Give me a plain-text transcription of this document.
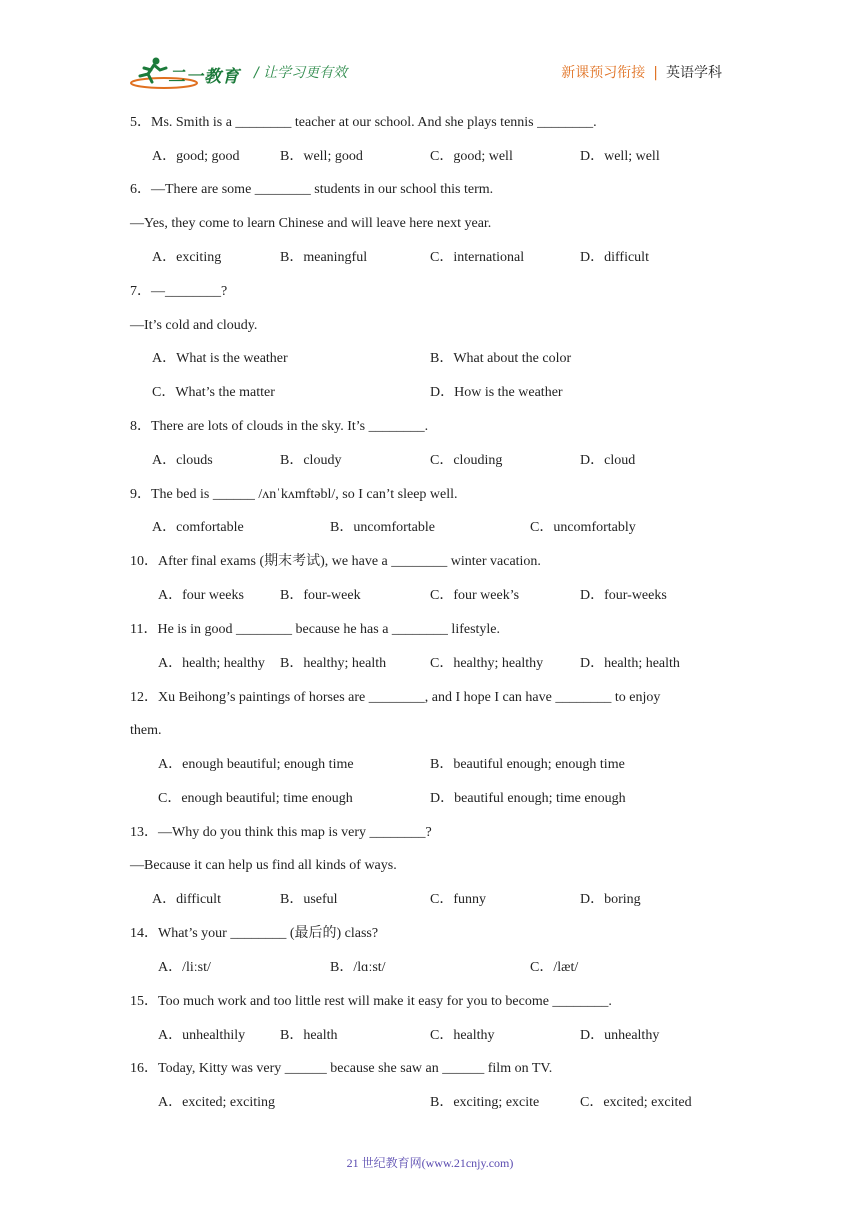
二一教育 / 让学习更有效	新课预习衔接 | 英语学科
5．Ms. Smith is a ________ teacher at our school. And she plays tennis ________.
A．good; good	B．well; good	C．good; well	D．well; well
6．—There are some ________ students in our school this term.
—Yes, they come to learn Chinese and will leave here next year.
A．exciting	B．meaningful	C．international	D．difficult
7．—________?
—It’s cold and cloudy.
A．What is the weather	B．What about the color
C．What’s the matter	D．How is the weather
8．There are lots of clouds in the sky. It’s ________.
A．clouds	B．cloudy	C．clouding	D．cloud
9．The bed is ______ /ʌnˈkʌmftəbl/, so I can’t sleep well.
A．comfortable	B．uncomfortable	C．uncomfortably
10．After final exams (期末考试), we have a ________ winter vacation.
A．four weeks	B．four-week	C．four week’s	D．four-weeks
11．He is in good ________ because he has a ________ lifestyle.
A．health; healthy B．healthy; health	C．healthy; healthy	D．health; health
12．Xu Beihong’s paintings of horses are ________, and I hope I can have ________ to enjoy
them.
A．enough beautiful; enough time	B．beautiful enough; enough time
C．enough beautiful; time enough	D．beautiful enough; time enough
13．—Why do you think this map is very ________?
—Because it can help us find all kinds of ways.
A．difficult	B．useful	C．funny	D．boring
14．What’s your ________ (最后的) class?
A．/liːst/	B．/lɑːst/	C．/læt/
15．Too much work and too little rest will make it easy for you to become ________.
A．unhealthily B．health	C．healthy	D．unhealthy
16．Today, Kitty was very ______ because she saw an ______ film on TV.
A．excited; exciting	B．exciting; excite	C．excited; excited
21 世纪教育网(www.21cnjy.com)
